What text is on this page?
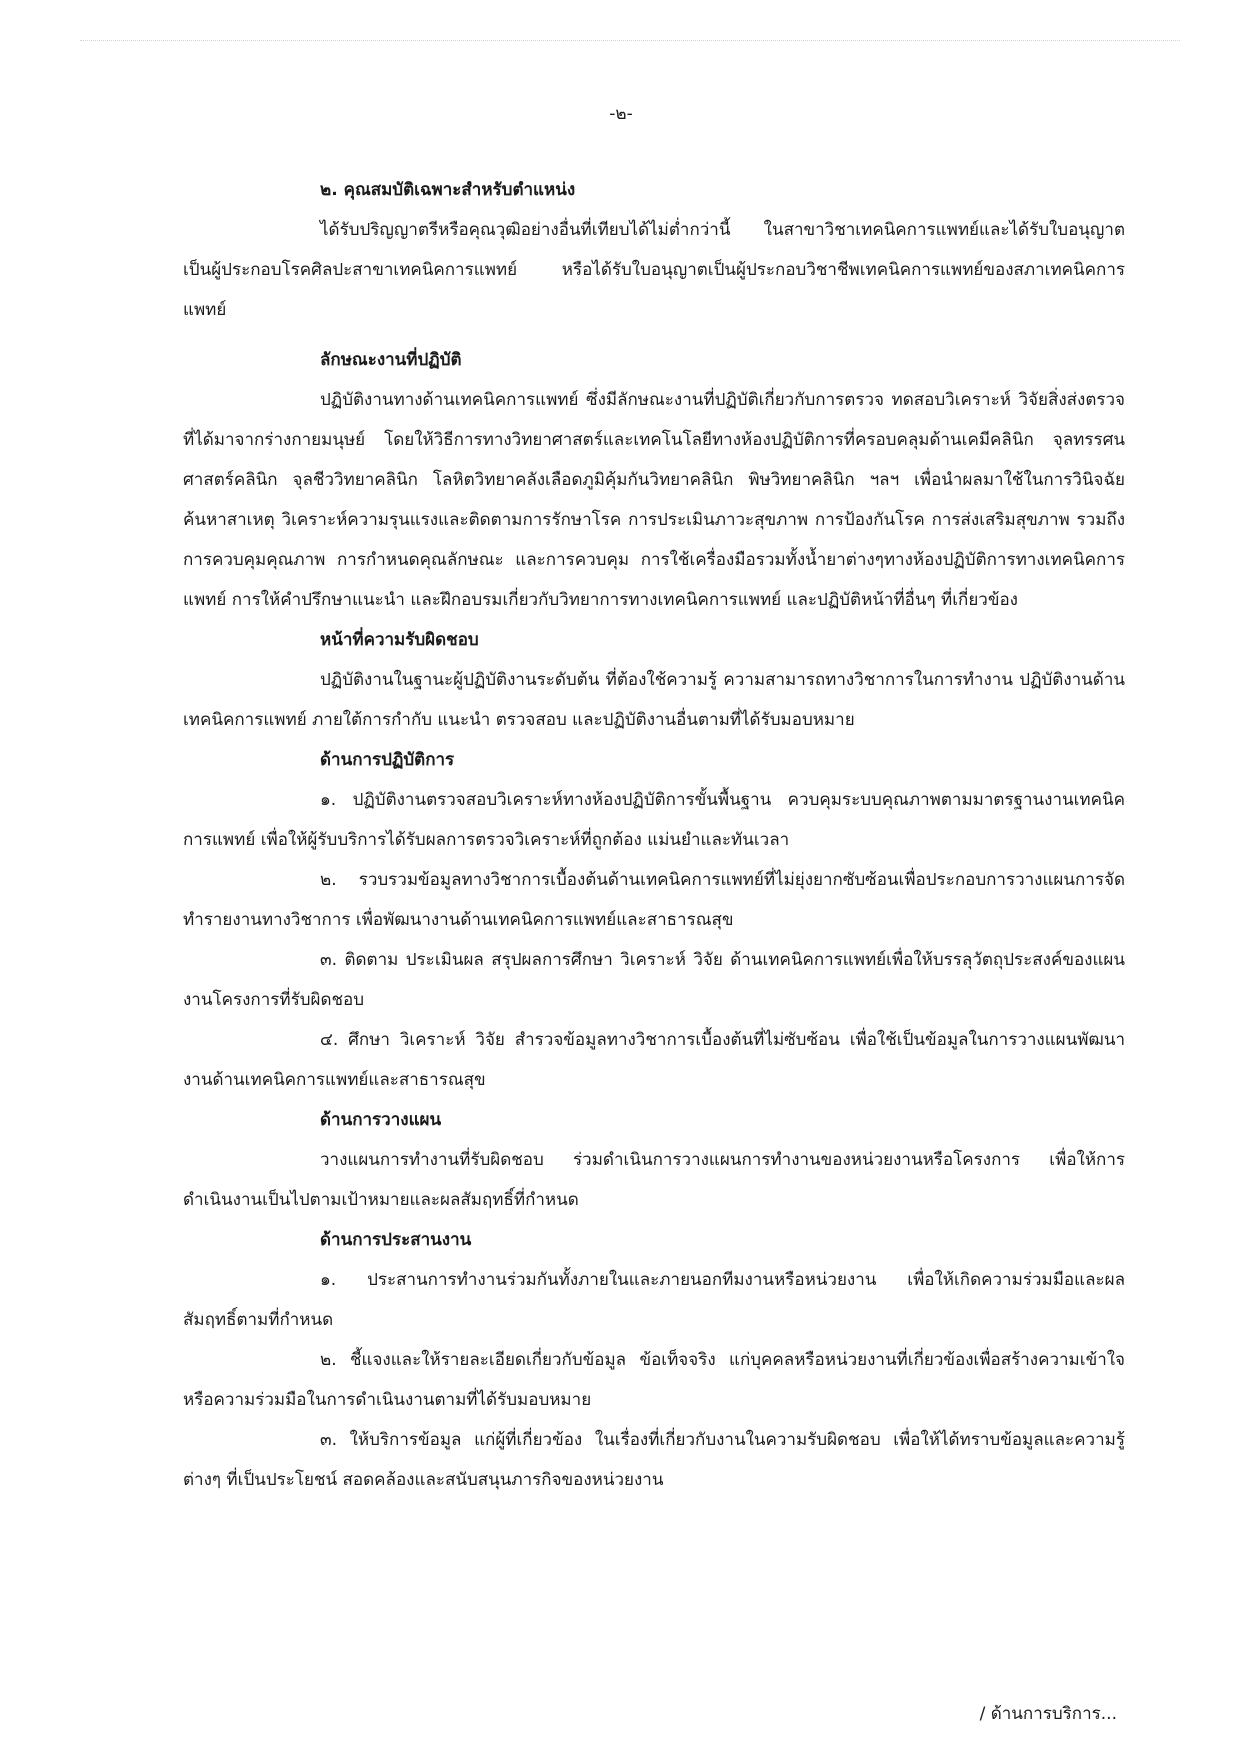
-๒-
๒. คุณสมบัติเฉพาะสำหรับตำแหน่ง

ได้รับปริญญาตรีหรือคุณวุฒิอย่างอื่นที่เทียบได้ไม่ต่ำกว่านี้ ในสาขาวิชาเทคนิคการแพทย์และได้รับใบอนุญาตเป็นผู้ประกอบโรคศิลปะสาขาเทคนิคการแพทย์ หรือได้รับใบอนุญาตเป็นผู้ประกอบวิชาชีพเทคนิคการแพทย์ของสภาเทคนิคการแพทย์

ลักษณะงานที่ปฏิบัติ

ปฏิบัติงานทางด้านเทคนิคการแพทย์ ซึ่งมีลักษณะงานที่ปฏิบัติเกี่ยวกับการตรวจ ทดสอบวิเคราะห์ วิจัยสิ่งส่งตรวจที่ได้มาจากร่างกายมนุษย์ โดยให้วิธีการทางวิทยาศาสตร์และเทคโนโลยีทางห้องปฏิบัติการที่ครอบคลุมด้านเคมีคลินิก จุลทรรศนศาสตร์คลินิก จุลชีววิทยาคลินิก โลหิตวิทยาคลังเลือดภูมิคุ้มกันวิทยาคลินิก พิษวิทยาคลินิก ฯลฯ เพื่อนำผลมาใช้ในการวินิจฉัย ค้นหาสาเหตุ วิเคราะห์ความรุนแรงและติดตามการรักษาโรค การประเมินภาวะสุขภาพ การป้องกันโรค การส่งเสริมสุขภาพ รวมถึงการควบคุมคุณภาพ การกำหนดคุณลักษณะ และการควบคุม การใช้เครื่องมือรวมทั้งน้ำยาต่างๆทางห้องปฏิบัติการทางเทคนิคการแพทย์ การให้คำปรึกษาแนะนำ และฝึกอบรมเกี่ยวกับวิทยาการทางเทคนิคการแพทย์ และปฏิบัติหน้าที่อื่นๆ ที่เกี่ยวข้อง

หน้าที่ความรับผิดชอบ

ปฏิบัติงานในฐานะผู้ปฏิบัติงานระดับต้น ที่ต้องใช้ความรู้ ความสามารถทางวิชาการในการทำงาน ปฏิบัติงานด้านเทคนิคการแพทย์ ภายใต้การกำกับ แนะนำ ตรวจสอบ และปฏิบัติงานอื่นตามที่ได้รับมอบหมาย

ด้านการปฏิบัติการ

๑. ปฏิบัติงานตรวจสอบวิเคราะห์ทางห้องปฏิบัติการขั้นพื้นฐาน ควบคุมระบบคุณภาพตามมาตรฐานงานเทคนิคการแพทย์ เพื่อให้ผู้รับบริการได้รับผลการตรวจวิเคราะห์ที่ถูกต้อง แม่นยำและทันเวลา

๒. รวบรวมข้อมูลทางวิชาการเบื้องต้นด้านเทคนิคการแพทย์ที่ไม่ยุ่งยากซับซ้อนเพื่อประกอบการวางแผนการจัดทำรายงานทางวิชาการ เพื่อพัฒนางานด้านเทคนิคการแพทย์และสาธารณสุข

๓. ติดตาม ประเมินผล สรุปผลการศึกษา วิเคราะห์ วิจัย ด้านเทคนิคการแพทย์เพื่อให้บรรลุวัตถุประสงค์ของแผนงานโครงการที่รับผิดชอบ

๔. ศึกษา วิเคราะห์ วิจัย สำรวจข้อมูลทางวิชาการเบื้องต้นที่ไม่ซับซ้อน เพื่อใช้เป็นข้อมูลในการวางแผนพัฒนางานด้านเทคนิคการแพทย์และสาธารณสุข

ด้านการวางแผน

วางแผนการทำงานที่รับผิดชอบ ร่วมดำเนินการวางแผนการทำงานของหน่วยงานหรือโครงการ เพื่อให้การดำเนินงานเป็นไปตามเป้าหมายและผลสัมฤทธิ์ที่กำหนด

ด้านการประสานงาน

๑. ประสานการทำงานร่วมกันทั้งภายในและภายนอกทีมงานหรือหน่วยงาน เพื่อให้เกิดความร่วมมือและผลสัมฤทธิ์ตามที่กำหนด

๒. ชี้แจงและให้รายละเอียดเกี่ยวกับข้อมูล ข้อเท็จจริง แก่บุคคลหรือหน่วยงานที่เกี่ยวข้องเพื่อสร้างความเข้าใจหรือความร่วมมือในการดำเนินงานตามที่ได้รับมอบหมาย

๓. ให้บริการข้อมูล แก่ผู้ที่เกี่ยวข้อง ในเรื่องที่เกี่ยวกับงานในความรับผิดชอบ เพื่อให้ได้ทราบข้อมูลและความรู้ต่างๆ ที่เป็นประโยชน์ สอดคล้องและสนับสนุนภารกิจของหน่วยงาน

/ ด้านการบริการ...
